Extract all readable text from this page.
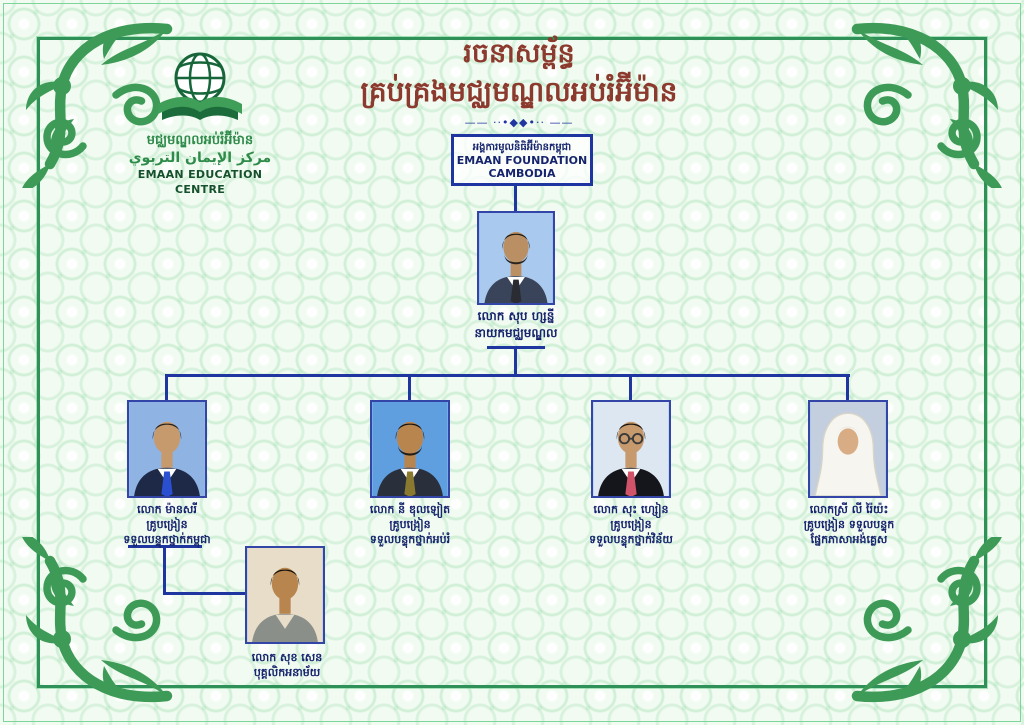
មជ្ឈមណ្ឌលអប់រំអ៊ីម៉ាន
مركز الإيمان التربوي
EMAAN EDUCATION CENTRE
រចនាសម្ព័ន្ធ
គ្រប់គ្រងមជ្ឈមណ្ឌលអប់រំអ៊ីម៉ាន
—— ··•◆◆•·· ——
អង្គការមូលនិធិអ៊ីម៉ានកម្ពុជា
EMAAN FOUNDATION
CAMBODIA
លោក សុប ហ្សន្នី
នាយកមជ្ឈមណ្ឌល
លោក ម៉ានសរី
គ្រូបង្រៀន
ទទួលបន្ទុកថ្នាក់កម្ពុជា
លោក នី ឌុលឡៀត
គ្រូបង្រៀន
ទទួលបន្ទុកថ្នាក់អប់រំ
លោក សុះ ហ្សៀន
គ្រូបង្រៀន
ទទួលបន្ទុកថ្នាក់វិន័យ
លោកស្រី លី រ៉ៃយ៉ះ
គ្រូបង្រៀន ទទួលបន្ទុក
ផ្នែកភាសាអង់គ្លេស
លោក សុខ សេន
បុគ្គលិកអនាម័យ
